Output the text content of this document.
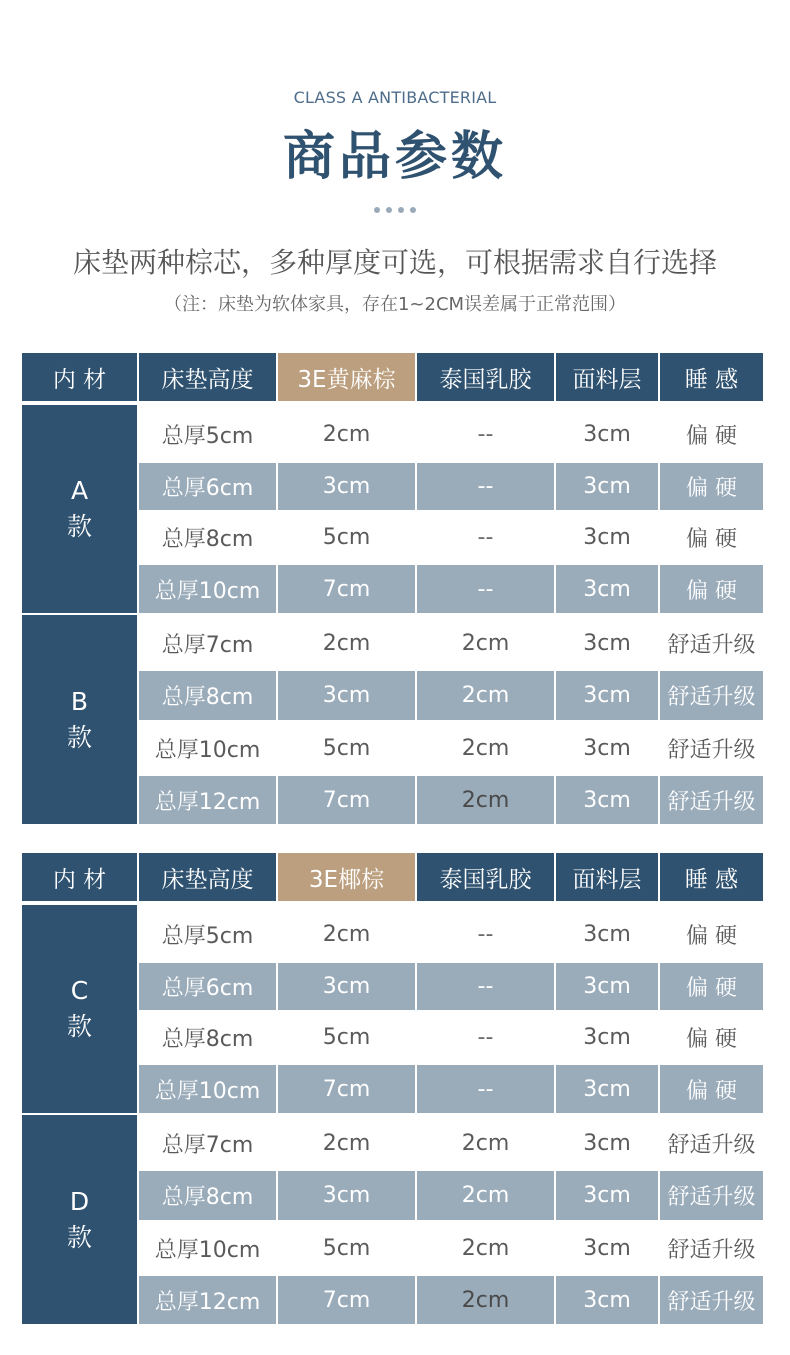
CLASS A ANTIBACTERIAL
商品参数
床垫两种棕芯，多种厚度可选，可根据需求自行选择
（注：床垫为软体家具，存在1~2CM误差属于正常范围）
内 材	床垫高度	3E黄麻棕	泰国乳胶	面料层	睡 感
A
款
总厚5cm	2cm	--	3cm	偏 硬
总厚6cm	3cm	--	3cm	偏 硬
总厚8cm	5cm	--	3cm	偏 硬
总厚10cm	7cm	--	3cm	偏 硬
B
款
总厚7cm	2cm	2cm	3cm	舒适升级
总厚8cm	3cm	2cm	3cm	舒适升级
总厚10cm	5cm	2cm	3cm	舒适升级
总厚12cm	7cm	2cm	3cm	舒适升级
内 材	床垫高度	3E椰棕	泰国乳胶	面料层	睡 感
C
款
总厚5cm	2cm	--	3cm	偏 硬
总厚6cm	3cm	--	3cm	偏 硬
总厚8cm	5cm	--	3cm	偏 硬
总厚10cm	7cm	--	3cm	偏 硬
D
款
总厚7cm	2cm	2cm	3cm	舒适升级
总厚8cm	3cm	2cm	3cm	舒适升级
总厚10cm	5cm	2cm	3cm	舒适升级
总厚12cm	7cm	2cm	3cm	舒适升级
